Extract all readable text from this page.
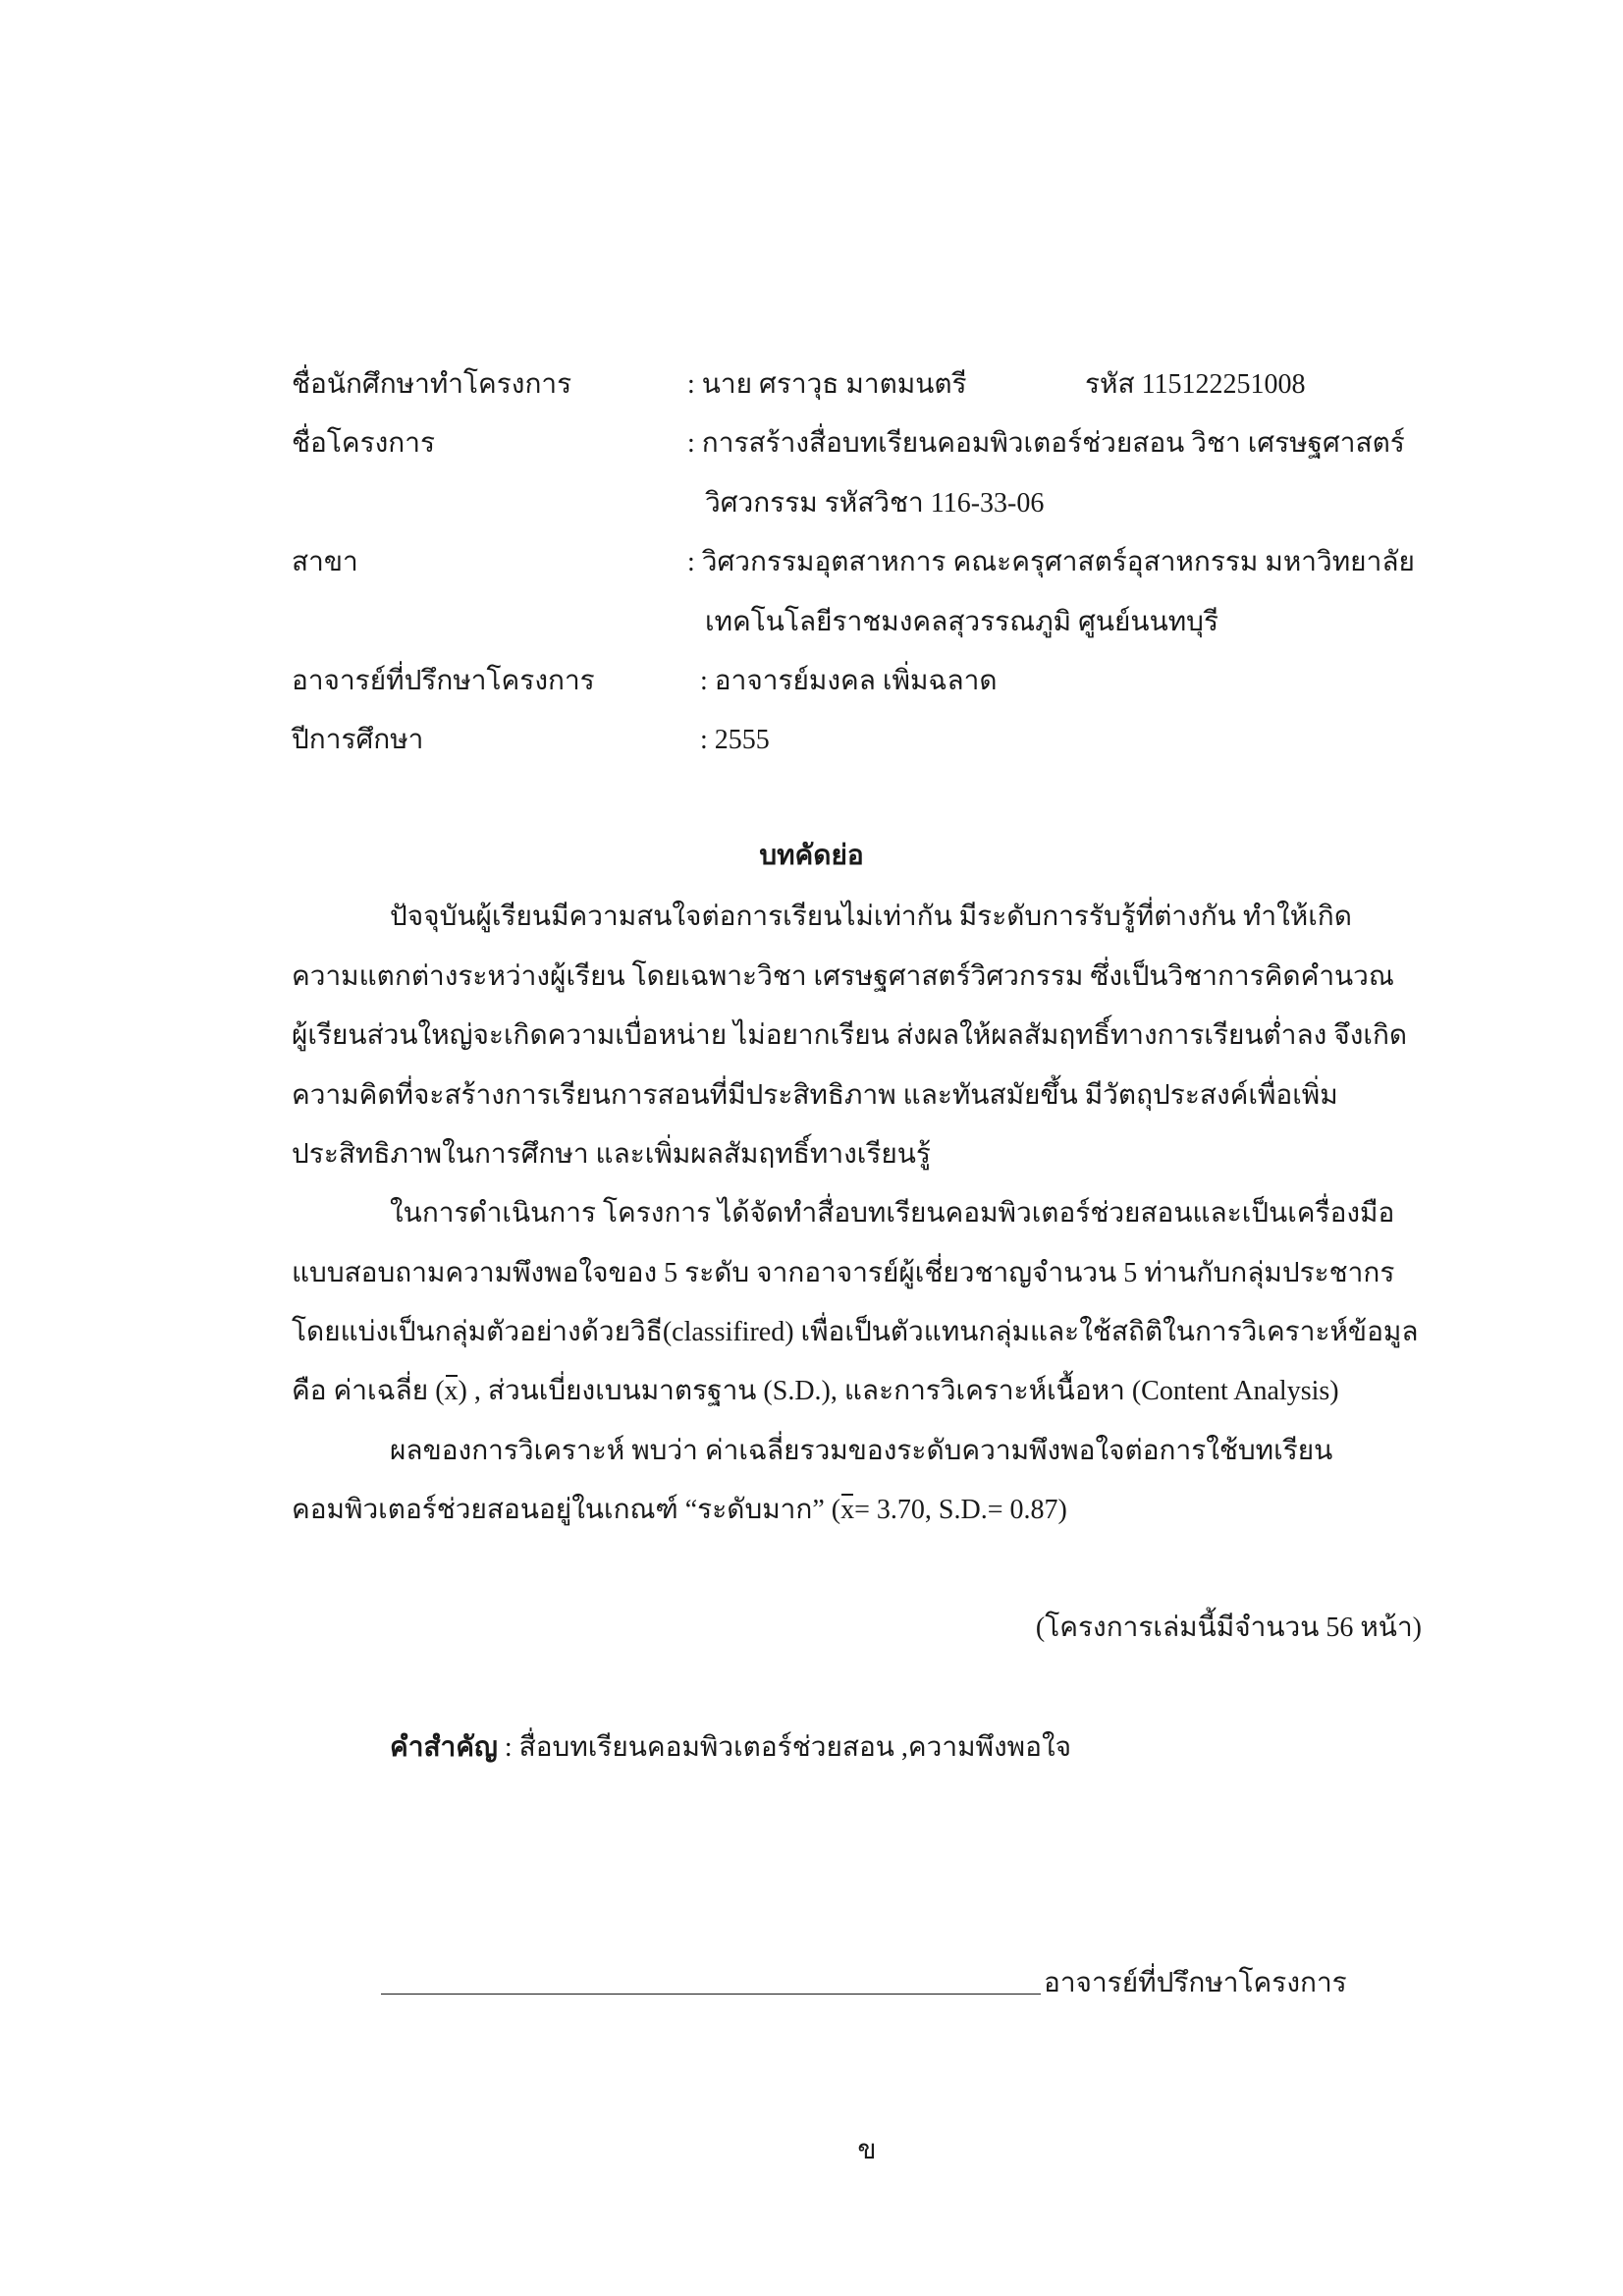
ชื่อนักศึกษาทำโครงการ	: นาย ศราวุธ มาตมนตรี	รหัส 115122251008
ชื่อโครงการ	: การสร้างสื่อบทเรียนคอมพิวเตอร์ช่วยสอน วิชา เศรษฐศาสตร์
วิศวกรรม รหัสวิชา 116-33-06
สาขา	: วิศวกรรมอุตสาหการ คณะครุศาสตร์อุสาหกรรม มหาวิทยาลัย
เทคโนโลยีราชมงคลสุวรรณภูมิ ศูนย์นนทบุรี
อาจารย์ที่ปรึกษาโครงการ	: อาจารย์มงคล เพิ่มฉลาด
ปีการศึกษา	: 2555
บทคัดย่อ
ปัจจุบันผู้เรียนมีความสนใจต่อการเรียนไม่เท่ากัน มีระดับการรับรู้ที่ต่างกัน ทำให้เกิด
ความแตกต่างระหว่างผู้เรียน โดยเฉพาะวิชา เศรษฐศาสตร์วิศวกรรม ซึ่งเป็นวิชาการคิดคำนวณ
ผู้เรียนส่วนใหญ่จะเกิดความเบื่อหน่าย ไม่อยากเรียน ส่งผลให้ผลสัมฤทธิ์ทางการเรียนต่ำลง จึงเกิด
ความคิดที่จะสร้างการเรียนการสอนที่มีประสิทธิภาพ และทันสมัยขึ้น มีวัตถุประสงค์เพื่อเพิ่ม
ประสิทธิภาพในการศึกษา และเพิ่มผลสัมฤทธิ์ทางเรียนรู้
ในการดำเนินการ โครงการ ได้จัดทำสื่อบทเรียนคอมพิวเตอร์ช่วยสอนและเป็นเครื่องมือ
แบบสอบถามความพึงพอใจของ 5 ระดับ จากอาจารย์ผู้เชี่ยวชาญจำนวน 5 ท่านกับกลุ่มประชากร
โดยแบ่งเป็นกลุ่มตัวอย่างด้วยวิธี(classifired) เพื่อเป็นตัวแทนกลุ่มและใช้สถิติในการวิเคราะห์ข้อมูล
คือ ค่าเฉลี่ย (x) , ส่วนเบี่ยงเบนมาตรฐาน (S.D.), และการวิเคราะห์เนื้อหา (Content Analysis)
ผลของการวิเคราะห์ พบว่า ค่าเฉลี่ยรวมของระดับความพึงพอใจต่อการใช้บทเรียน
คอมพิวเตอร์ช่วยสอนอยู่ในเกณฑ์ “ระดับมาก” (x= 3.70, S.D.= 0.87)
(โครงการเล่มนี้มีจำนวน 56 หน้า)
คำสำคัญ : สื่อบทเรียนคอมพิวเตอร์ช่วยสอน ,ความพึงพอใจ
อาจารย์ที่ปรึกษาโครงการ
ข
